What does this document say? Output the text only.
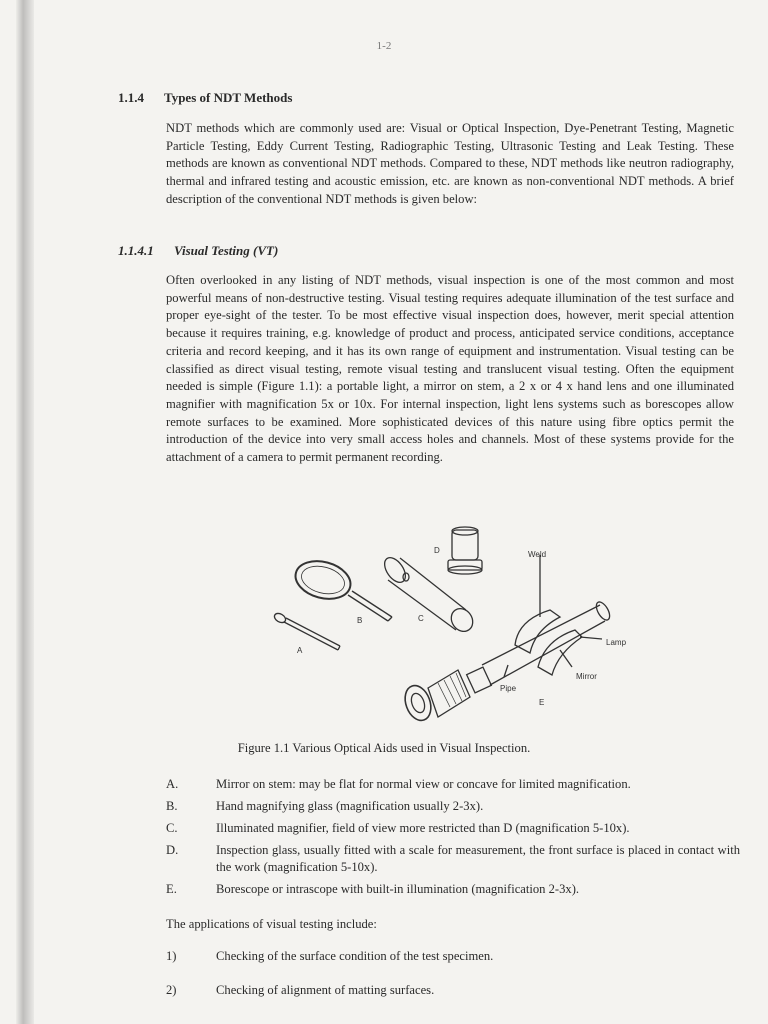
1-2
1.1.4 Types of NDT Methods

NDT methods which are commonly used are: Visual or Optical Inspection, Dye-Penetrant Testing, Magnetic Particle Testing, Eddy Current Testing, Radiographic Testing, Ultrasonic Testing and Leak Testing. These methods are known as conventional NDT methods. Compared to these, NDT methods like neutron radiography, thermal and infrared testing and acoustic emission, etc. are known as non-conventional NDT methods. A brief description of the conventional NDT methods is given below:

1.1.4.1 Visual Testing (VT)

Often overlooked in any listing of NDT methods, visual inspection is one of the most common and most powerful means of non-destructive testing. Visual testing requires adequate illumination of the test surface and proper eye-sight of the tester. To be most effective visual inspection does, however, merit special attention because it requires training, e.g. knowledge of product and process, anticipated service conditions, acceptance criteria and record keeping, and it has its own range of equipment and instrumentation. Visual testing can be classified as direct visual testing, remote visual testing and translucent visual testing. Often the equipment needed is simple (Figure 1.1): a portable light, a mirror on stem, a 2 x or 4 x hand lens and one illuminated magnifier with magnification 5x or 10x. For internal inspection, light lens systems such as borescopes allow remote surfaces to be examined. More sophisticated devices of this nature using fibre optics permit the introduction of the device into very small access holes and channels. Most of these systems provide for the attachment of a camera to permit permanent recording.

A
B	C
D	Weld
Lamp
Mirror
Pipe
E
Figure 1.1 Various Optical Aids used in Visual Inspection.
A.	Mirror on stem: may be flat for normal view or concave for limited magnification.
B.	Hand magnifying glass (magnification usually 2-3x).
C.	Illuminated magnifier, field of view more restricted than D (magnification 5-10x).
D.	Inspection glass, usually fitted with a scale for measurement, the front surface is placed in contact with the work (magnification 5-10x).
E.	Borescope or intrascope with built-in illumination (magnification 2-3x).

The applications of visual testing include:

1)	Checking of the surface condition of the test specimen.
2)	Checking of alignment of matting surfaces.
